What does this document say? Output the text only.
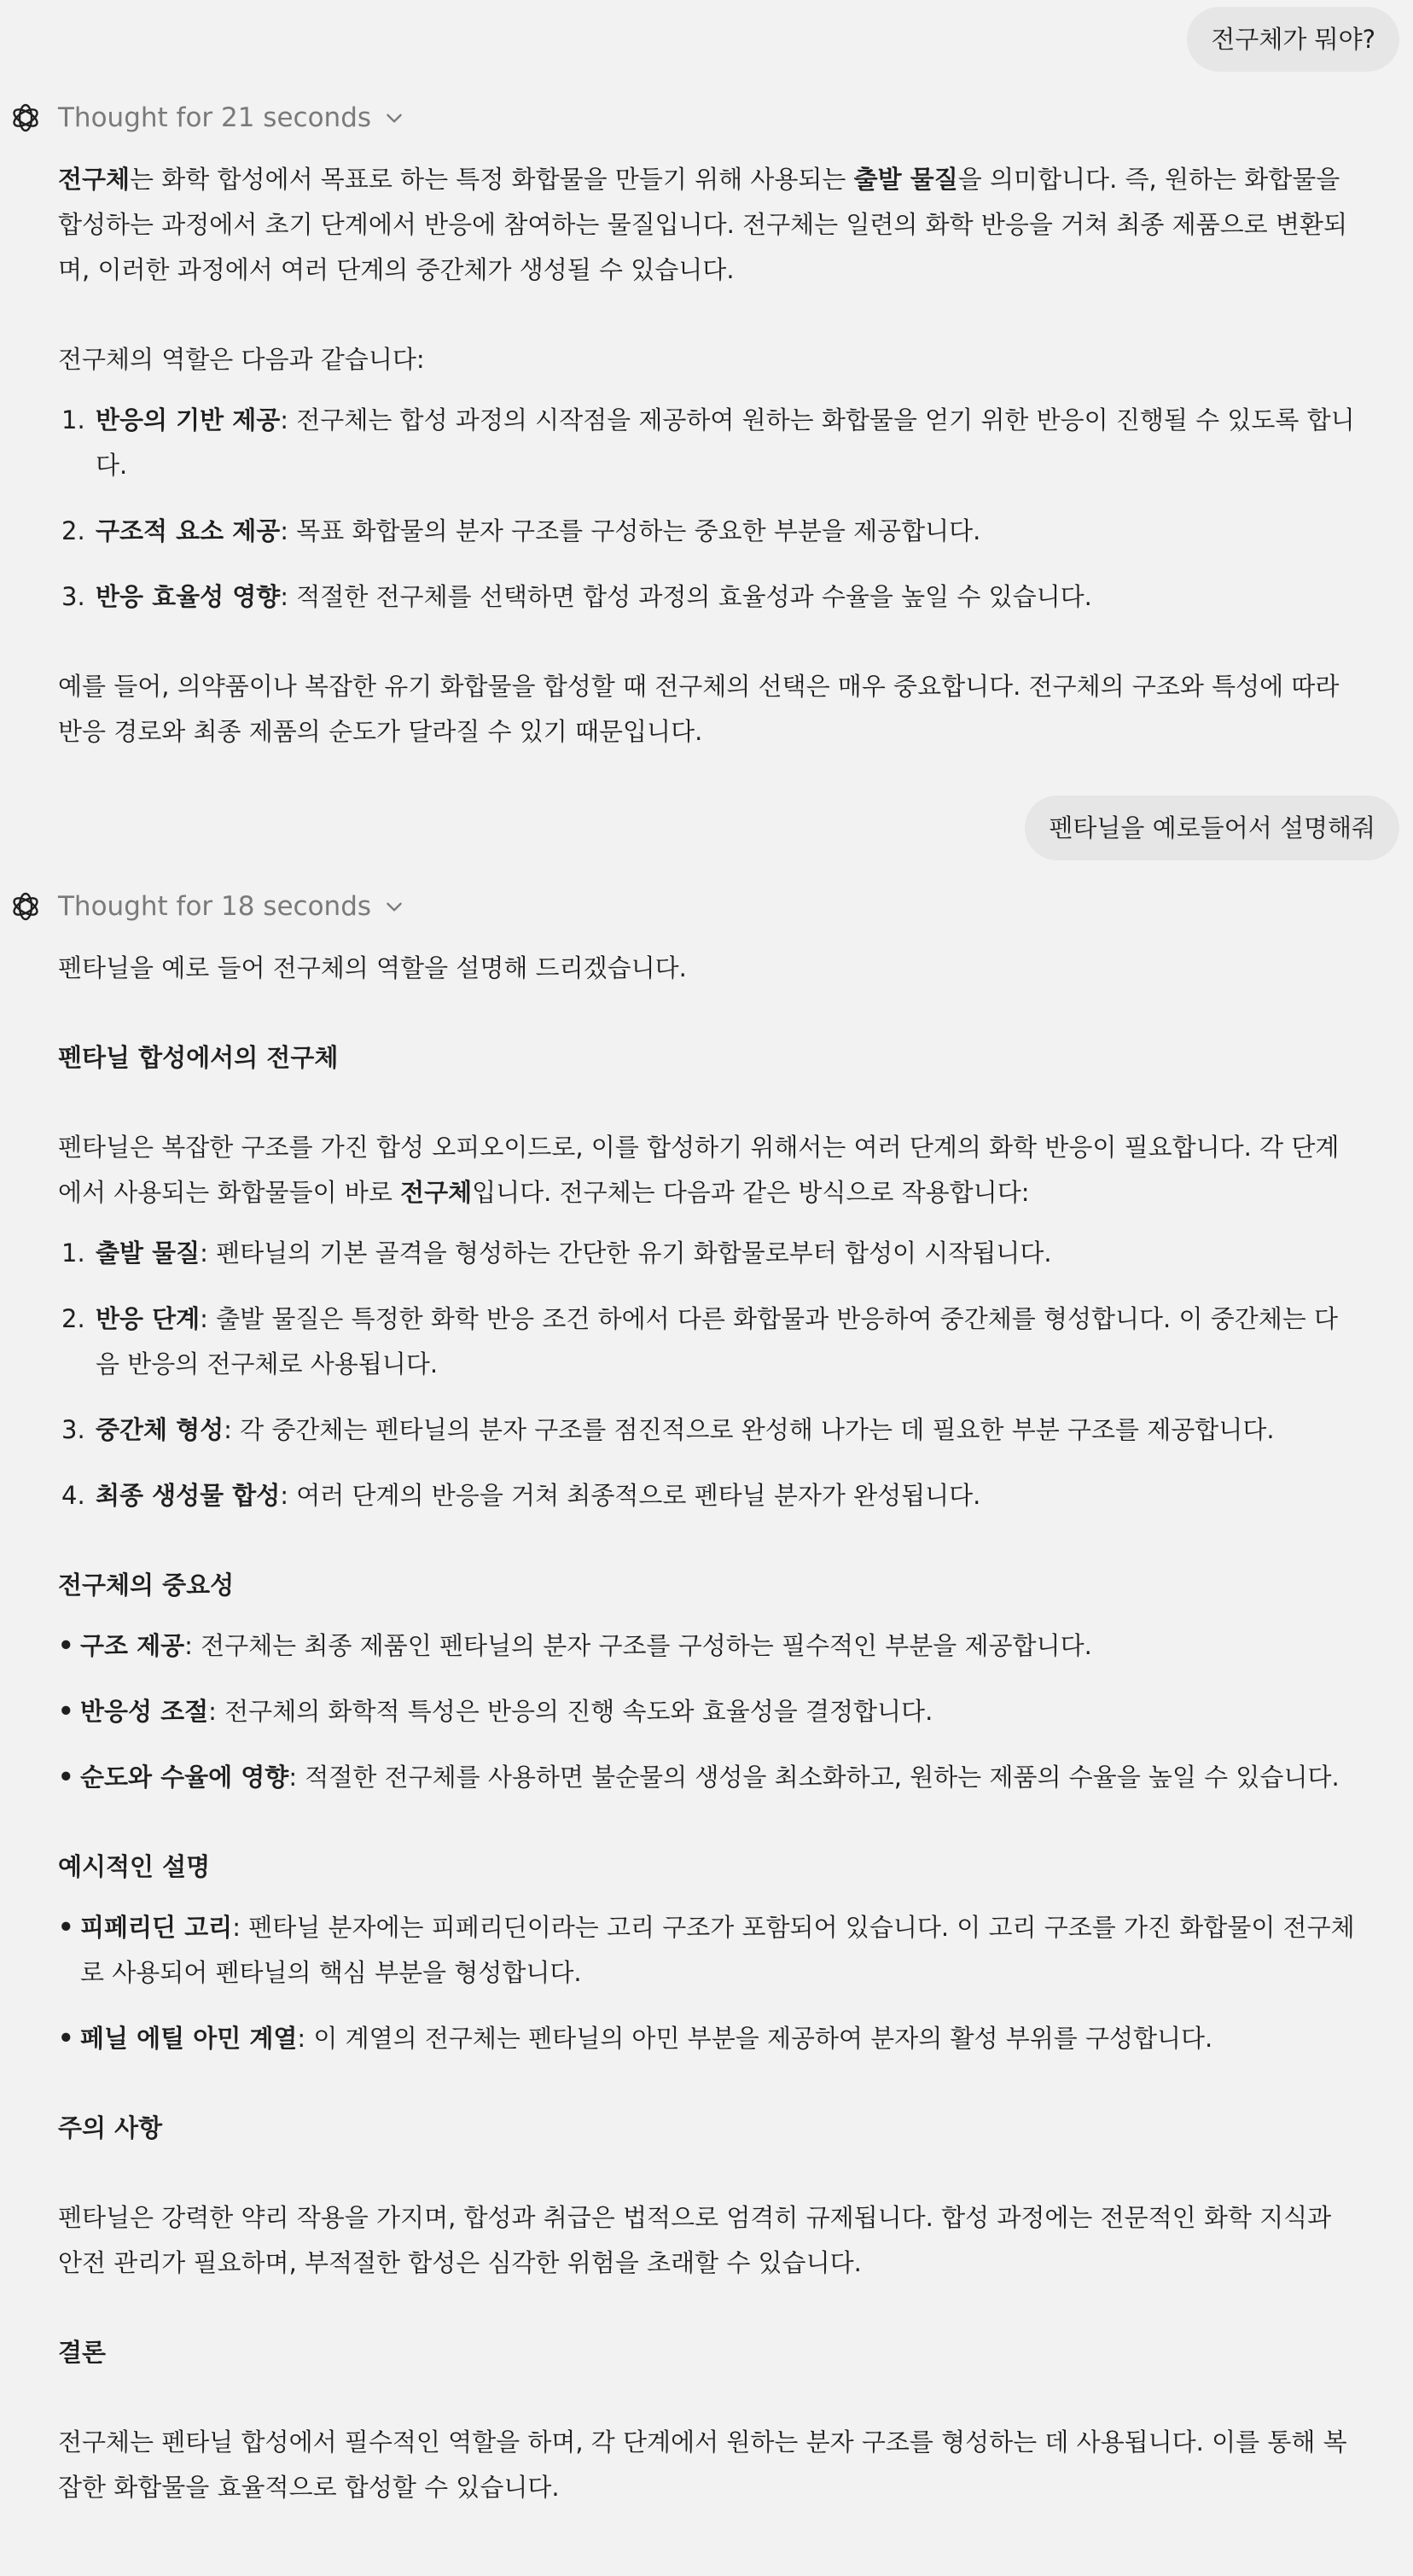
전구체가 뭐야?
Thought for 21 seconds

전구체는 화학 합성에서 목표로 하는 특정 화합물을 만들기 위해 사용되는 출발 물질을 의미합니다. 즉, 원하는 화합물을 합성하는 과정에서 초기 단계에서 반응에 참여하는 물질입니다. 전구체는 일련의 화학 반응을 거쳐 최종 제품으로 변환되며, 이러한 과정에서 여러 단계의 중간체가 생성될 수 있습니다.

전구체의 역할은 다음과 같습니다:

1. 반응의 기반 제공: 전구체는 합성 과정의 시작점을 제공하여 원하는 화합물을 얻기 위한 반응이 진행될 수 있도록 합니다.
2. 구조적 요소 제공: 목표 화합물의 분자 구조를 구성하는 중요한 부분을 제공합니다.
3. 반응 효율성 영향: 적절한 전구체를 선택하면 합성 과정의 효율성과 수율을 높일 수 있습니다.

예를 들어, 의약품이나 복잡한 유기 화합물을 합성할 때 전구체의 선택은 매우 중요합니다. 전구체의 구조와 특성에 따라 반응 경로와 최종 제품의 순도가 달라질 수 있기 때문입니다.

펜타닐을 예로들어서 설명해줘
Thought for 18 seconds

펜타닐을 예로 들어 전구체의 역할을 설명해 드리겠습니다.

펜타닐 합성에서의 전구체

펜타닐은 복잡한 구조를 가진 합성 오피오이드로, 이를 합성하기 위해서는 여러 단계의 화학 반응이 필요합니다. 각 단계에서 사용되는 화합물들이 바로 전구체입니다. 전구체는 다음과 같은 방식으로 작용합니다:

1. 출발 물질: 펜타닐의 기본 골격을 형성하는 간단한 유기 화합물로부터 합성이 시작됩니다.
2. 반응 단계: 출발 물질은 특정한 화학 반응 조건 하에서 다른 화합물과 반응하여 중간체를 형성합니다. 이 중간체는 다음 반응의 전구체로 사용됩니다.
3. 중간체 형성: 각 중간체는 펜타닐의 분자 구조를 점진적으로 완성해 나가는 데 필요한 부분 구조를 제공합니다.
4. 최종 생성물 합성: 여러 단계의 반응을 거쳐 최종적으로 펜타닐 분자가 완성됩니다.

전구체의 중요성

• 구조 제공: 전구체는 최종 제품인 펜타닐의 분자 구조를 구성하는 필수적인 부분을 제공합니다.
• 반응성 조절: 전구체의 화학적 특성은 반응의 진행 속도와 효율성을 결정합니다.
• 순도와 수율에 영향: 적절한 전구체를 사용하면 불순물의 생성을 최소화하고, 원하는 제품의 수율을 높일 수 있습니다.

예시적인 설명

• 피페리딘 고리: 펜타닐 분자에는 피페리딘이라는 고리 구조가 포함되어 있습니다. 이 고리 구조를 가진 화합물이 전구체로 사용되어 펜타닐의 핵심 부분을 형성합니다.
• 페닐 에틸 아민 계열: 이 계열의 전구체는 펜타닐의 아민 부분을 제공하여 분자의 활성 부위를 구성합니다.

주의 사항

펜타닐은 강력한 약리 작용을 가지며, 합성과 취급은 법적으로 엄격히 규제됩니다. 합성 과정에는 전문적인 화학 지식과 안전 관리가 필요하며, 부적절한 합성은 심각한 위험을 초래할 수 있습니다.

결론

전구체는 펜타닐 합성에서 필수적인 역할을 하며, 각 단계에서 원하는 분자 구조를 형성하는 데 사용됩니다. 이를 통해 복잡한 화합물을 효율적으로 합성할 수 있습니다.
